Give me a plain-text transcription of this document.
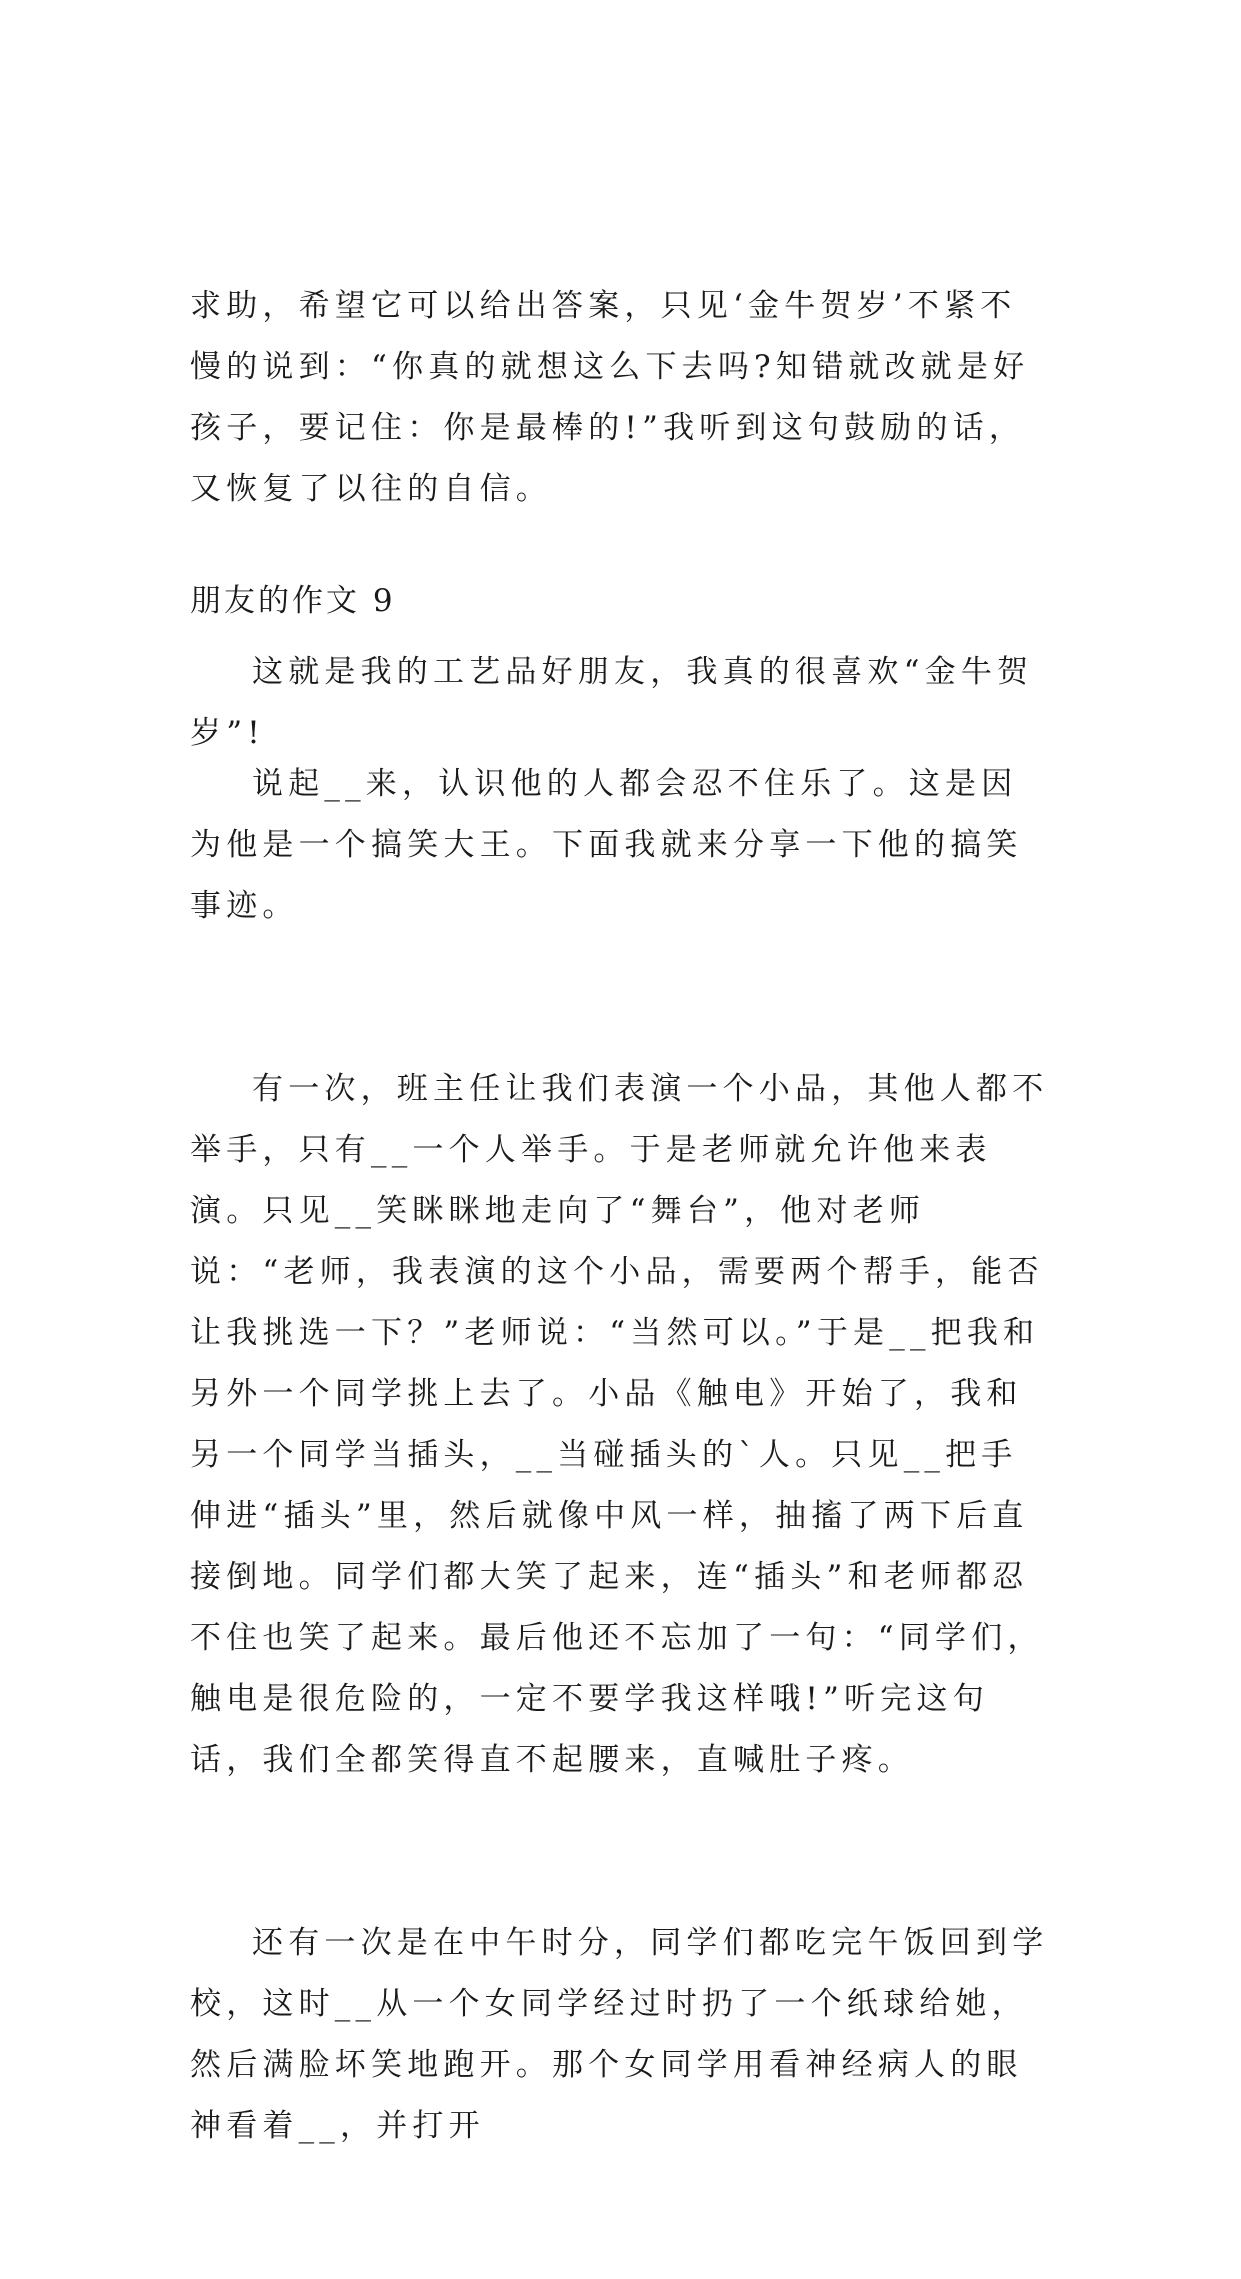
求助，希望它可以给出答案，只见‘金牛贺岁’不紧不慢的说到：“你真的就想这么下去吗?知错就改就是好孩子，要记住：你是最棒的!”我听到这句鼓励的话，又恢复了以往的自信。

这就是我的工艺品好朋友，我真的很喜欢“金牛贺岁”!

朋友的作文 9

说起__来，认识他的人都会忍不住乐了。这是因为他是一个搞笑大王。下面我就来分享一下他的搞笑事迹。

有一次，班主任让我们表演一个小品，其他人都不举手，只有__一个人举手。于是老师就允许他来表演。只见__笑眯眯地走向了“舞台”，他对老师说：“老师，我表演的这个小品，需要两个帮手，能否让我挑选一下？”老师说：“当然可以。”于是__把我和另外一个同学挑上去了。小品《触电》开始了，我和另一个同学当插头，__当碰插头的`人。只见__把手伸进“插头”里，然后就像中风一样，抽搐了两下后直接倒地。同学们都大笑了起来，连“插头”和老师都忍不住也笑了起来。最后他还不忘加了一句：“同学们，触电是很危险的，一定不要学我这样哦!”听完这句话，我们全都笑得直不起腰来，直喊肚子疼。

还有一次是在中午时分，同学们都吃完午饭回到学校，这时__从一个女同学经过时扔了一个纸球给她，然后满脸坏笑地跑开。那个女同学用看神经病人的眼神看着__，并打开
